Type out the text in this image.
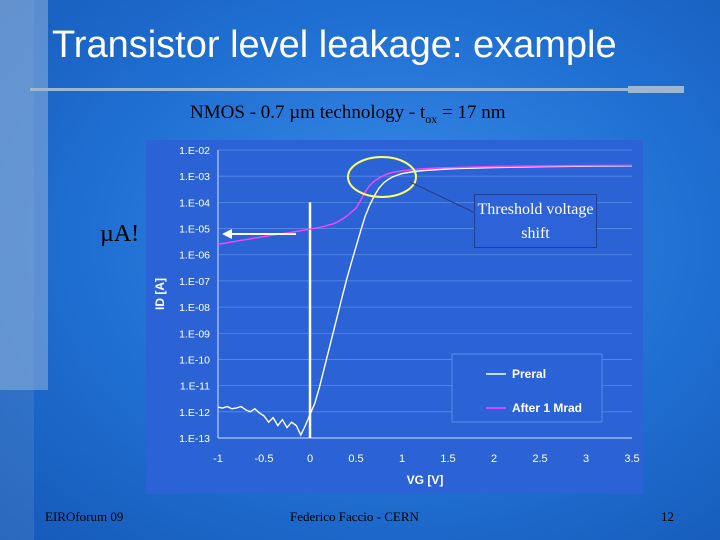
Transistor level leakage: example
NMOS - 0.7 µm technology - $t_{ox} = 17$ nm
1.E-02
1.E-03
1.E-04
1.E-05
1.E-06
1.E-07
1.E-08
1.E-09
1.E-10
1.E-11
1.E-12
1.E-13
-1	-0.5	0	0.5	1	1.5	2	2.5	3	3.5
VG [V]
ID [A]
Preral
After 1 Mrad
µA!
Threshold voltage shift
EIROforum 09	Federico Faccio - CERN	12
